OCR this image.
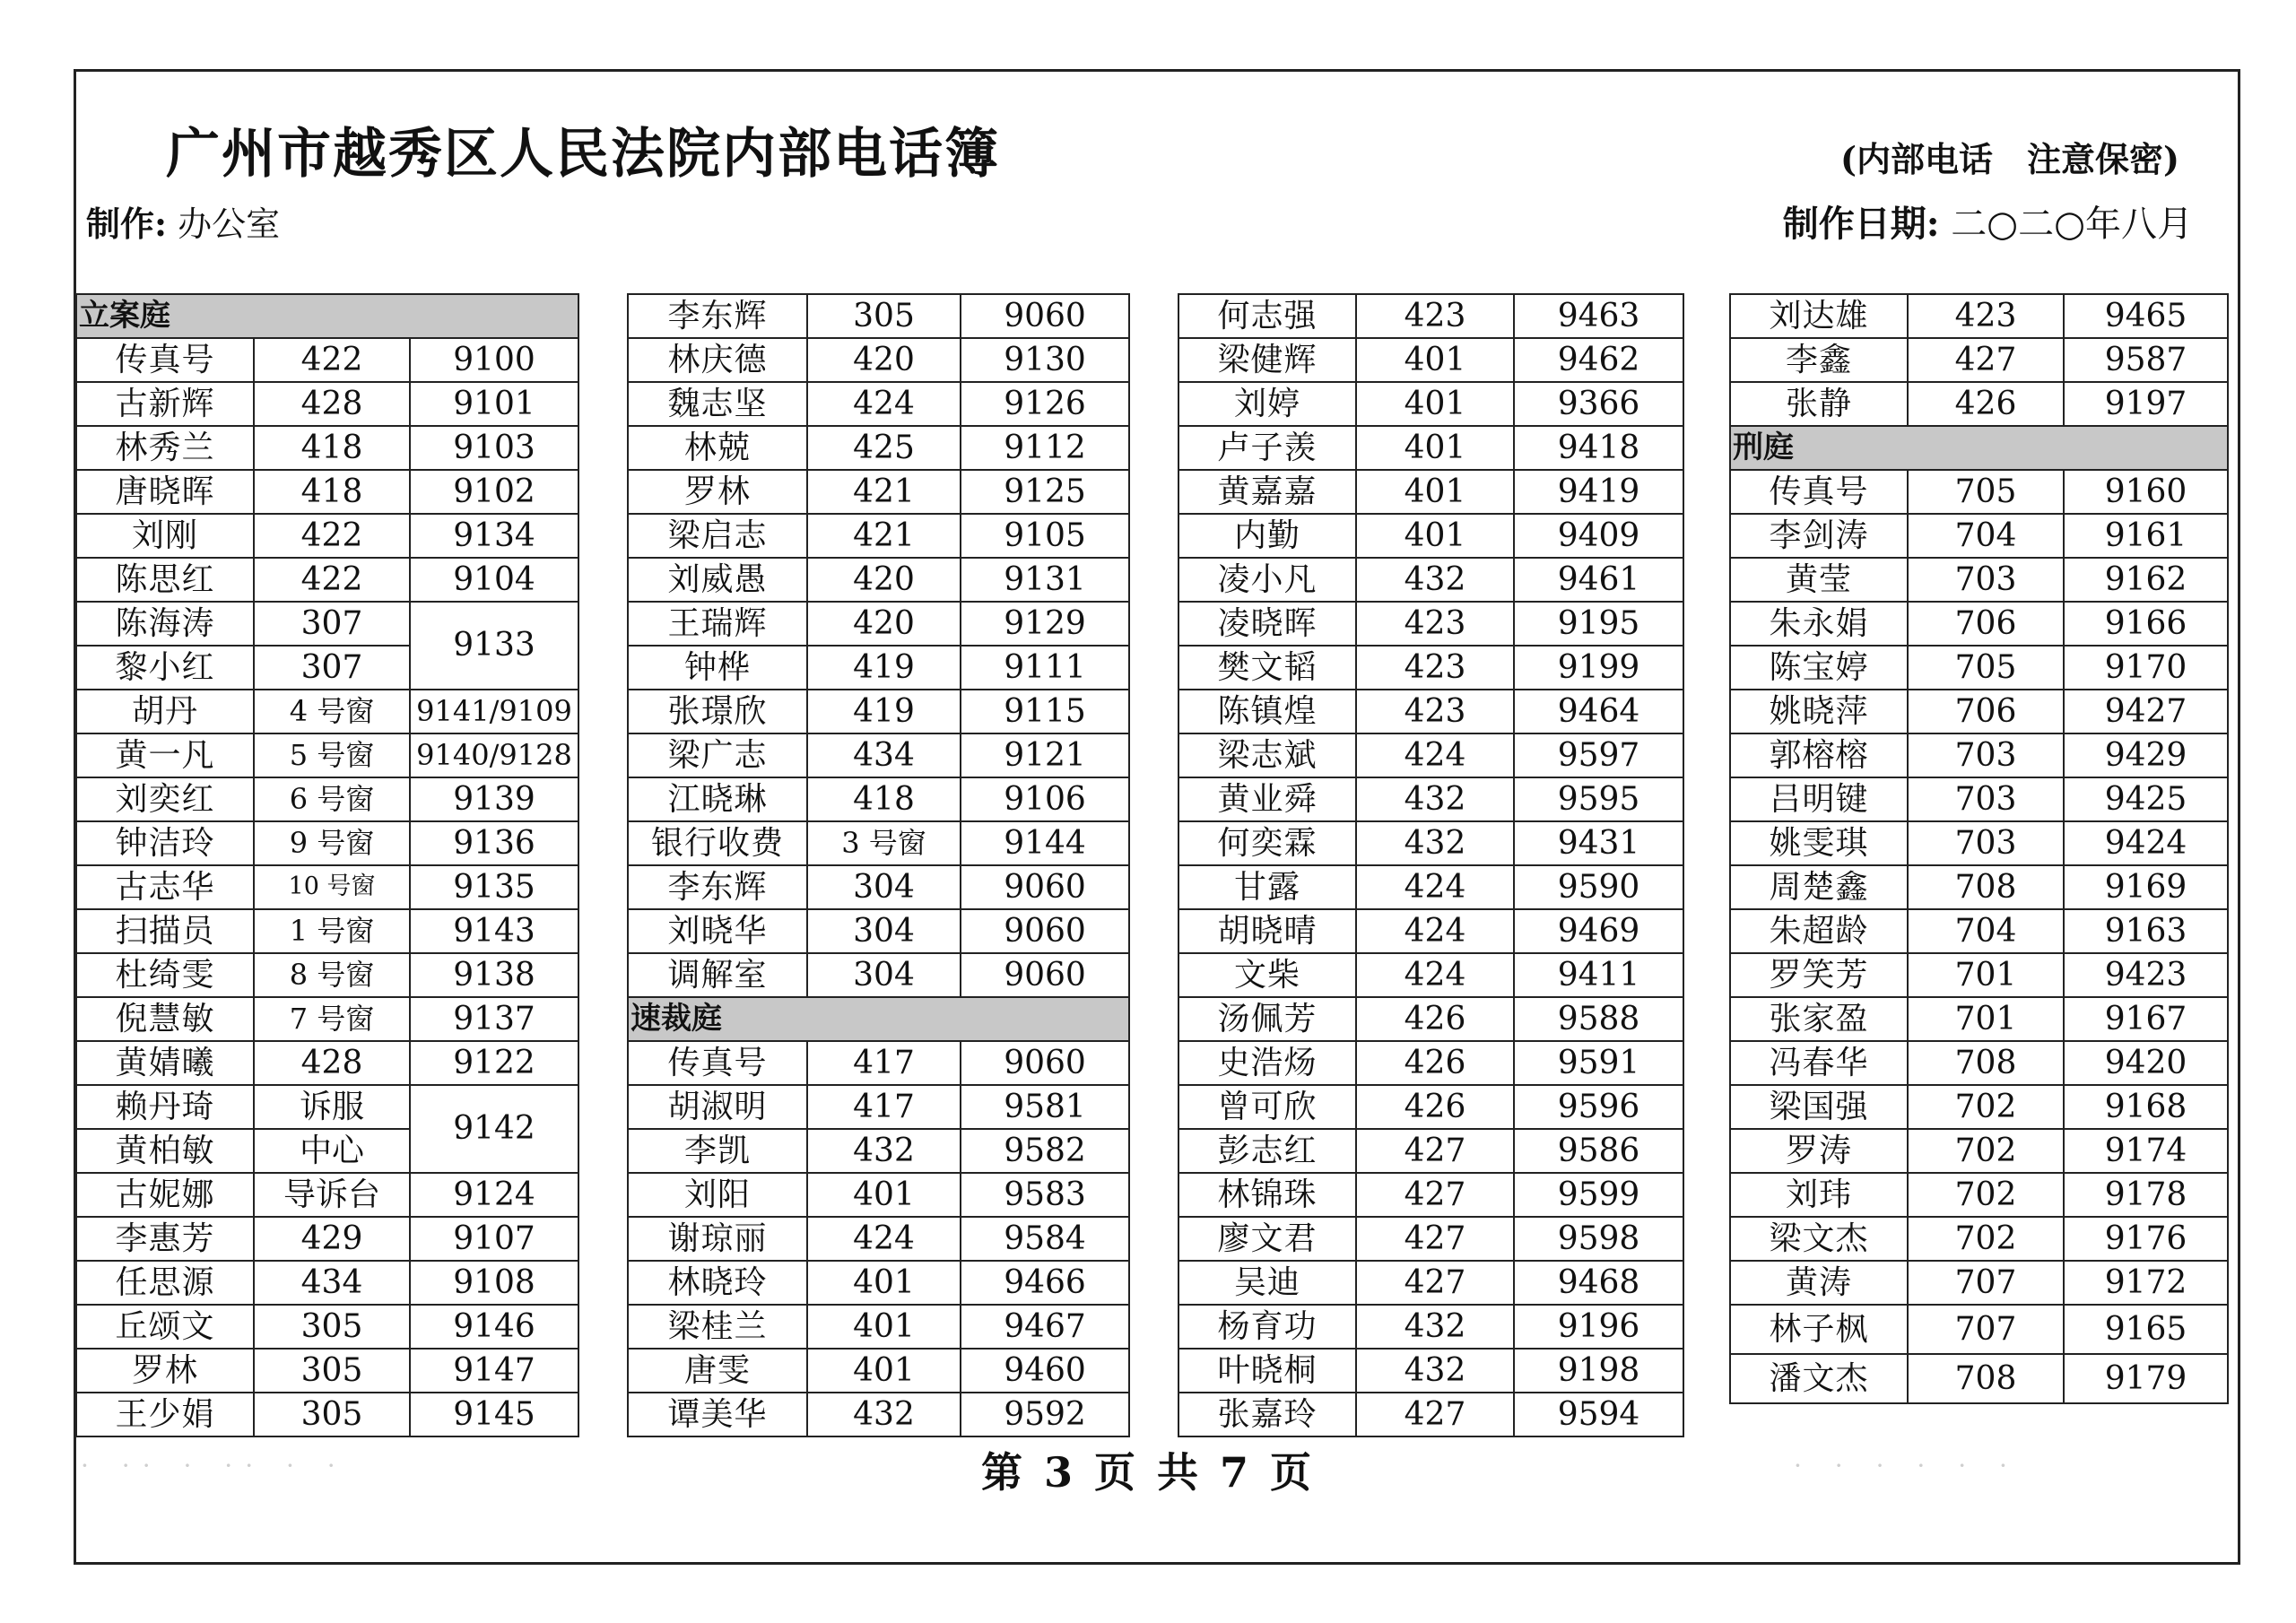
广州市越秀区人民法院内部电话簿
制作: 办公室
(内部电话　注意保密)
制作日期: 二○二○年八月
立案庭		
传真号	422	9100
古新辉	428	9101
林秀兰	418	9103
唐晓晖	418	9102
刘刚	422	9134
陈思红	422	9104
陈海涛	307	9133
黎小红	307	
胡丹	4 号窗	9141/9109
黄一凡	5 号窗	9140/9128
刘奕红	6 号窗	9139
钟洁玲	9 号窗	9136
古志华	10 号窗	9135
扫描员	1 号窗	9143
杜绮雯	8 号窗	9138
倪慧敏	7 号窗	9137
黄婧曦	428	9122
赖丹琦	诉服	9142
黄柏敏	中心	
古妮娜	导诉台	9124
李惠芳	429	9107
任思源	434	9108
丘颂文	305	9146
罗林	305	9147
王少娟	305	9145
李东辉	305	9060
林庆德	420	9130
魏志坚	424	9126
林兢	425	9112
罗林	421	9125
梁启志	421	9105
刘威愚	420	9131
王瑞辉	420	9129
钟桦	419	9111
张璟欣	419	9115
梁广志	434	9121
江晓琳	418	9106
银行收费	3 号窗	9144
李东辉	304	9060
刘晓华	304	9060
调解室	304	9060
速裁庭		
传真号	417	9060
胡淑明	417	9581
李凯	432	9582
刘阳	401	9583
谢琼丽	424	9584
林晓玲	401	9466
梁桂兰	401	9467
唐雯	401	9460
谭美华	432	9592
何志强	423	9463
梁健辉	401	9462
刘婷	401	9366
卢子羡	401	9418
黄嘉嘉	401	9419
内勤	401	9409
凌小凡	432	9461
凌晓晖	423	9195
樊文韬	423	9199
陈镇煌	423	9464
梁志斌	424	9597
黄业舜	432	9595
何奕霖	432	9431
甘露	424	9590
胡晓晴	424	9469
文柴	424	9411
汤佩芳	426	9588
史浩炀	426	9591
曾可欣	426	9596
彭志红	427	9586
林锦珠	427	9599
廖文君	427	9598
吴迪	427	9468
杨育功	432	9196
叶晓桐	432	9198
张嘉玲	427	9594
刘达雄	423	9465
李鑫	427	9587
张静	426	9197
刑庭		
传真号	705	9160
李剑涛	704	9161
黄莹	703	9162
朱永娟	706	9166
陈宝婷	705	9170
姚晓萍	706	9427
郭榕榕	703	9429
吕明键	703	9425
姚雯琪	703	9424
周楚鑫	708	9169
朱超龄	704	9163
罗笑芳	701	9423
张家盈	701	9167
冯春华	708	9420
梁国强	702	9168
罗涛	702	9174
刘玮	702	9178
梁文杰	702	9176
黄涛	707	9172
林子枫	707	9165
潘文杰	708	9179
第 3 页 共 7 页
· ·· · ·· · ·	· · · · · ·
